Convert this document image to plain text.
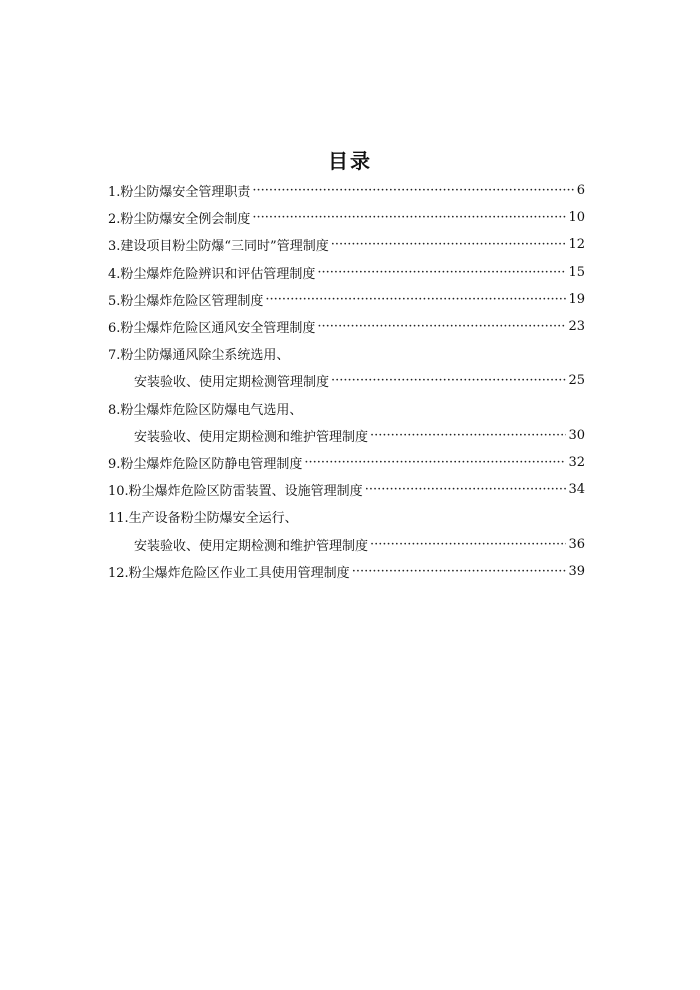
目录
1.粉尘防爆安全管理职责 ·····	6
2.粉尘防爆安全例会制度 ·····	10
3.建设项目粉尘防爆“三同时”管理制度 ·····	12
4.粉尘爆炸危险辨识和评估管理制度 ·····	15
5.粉尘爆炸危险区管理制度 ·····	19
6.粉尘爆炸危险区通风安全管理制度 ·····	23
7.粉尘防爆通风除尘系统选用、
安装验收、使用定期检测管理制度 ·····	25
8.粉尘爆炸危险区防爆电气选用、
安装验收、使用定期检测和维护管理制度 ·····	30
9.粉尘爆炸危险区防静电管理制度 ·····	32
10.粉尘爆炸危险区防雷装置、设施管理制度 ·····	34
11.生产设备粉尘防爆安全运行、
安装验收、使用定期检测和维护管理制度 ·····	36
12.粉尘爆炸危险区作业工具使用管理制度 ·····	39
